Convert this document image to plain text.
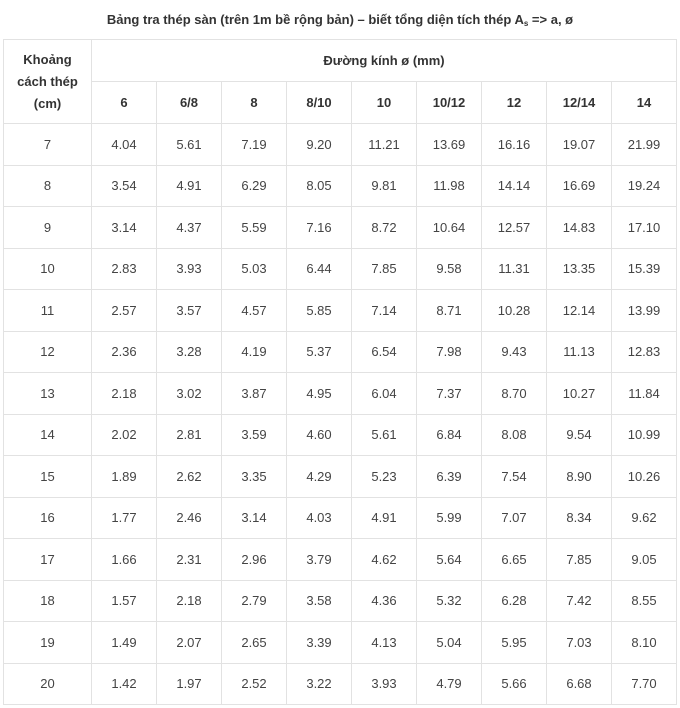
Bảng tra thép sàn (trên 1m bề rộng bản) – biết tổng diện tích thép $A_s => a$, ø
Khoảng
cách thép
(cm)	Đường kính ø (mm)								
	6	6/8	8	8/10	10	10/12	12	12/14	14
7	4.04	5.61	7.19	9.20	11.21	13.69	16.16	19.07	21.99
8	3.54	4.91	6.29	8.05	9.81	11.98	14.14	16.69	19.24
9	3.14	4.37	5.59	7.16	8.72	10.64	12.57	14.83	17.10
10	2.83	3.93	5.03	6.44	7.85	9.58	11.31	13.35	15.39
11	2.57	3.57	4.57	5.85	7.14	8.71	10.28	12.14	13.99
12	2.36	3.28	4.19	5.37	6.54	7.98	9.43	11.13	12.83
13	2.18	3.02	3.87	4.95	6.04	7.37	8.70	10.27	11.84
14	2.02	2.81	3.59	4.60	5.61	6.84	8.08	9.54	10.99
15	1.89	2.62	3.35	4.29	5.23	6.39	7.54	8.90	10.26
16	1.77	2.46	3.14	4.03	4.91	5.99	7.07	8.34	9.62
17	1.66	2.31	2.96	3.79	4.62	5.64	6.65	7.85	9.05
18	1.57	2.18	2.79	3.58	4.36	5.32	6.28	7.42	8.55
19	1.49	2.07	2.65	3.39	4.13	5.04	5.95	7.03	8.10
20	1.42	1.97	2.52	3.22	3.93	4.79	5.66	6.68	7.70
